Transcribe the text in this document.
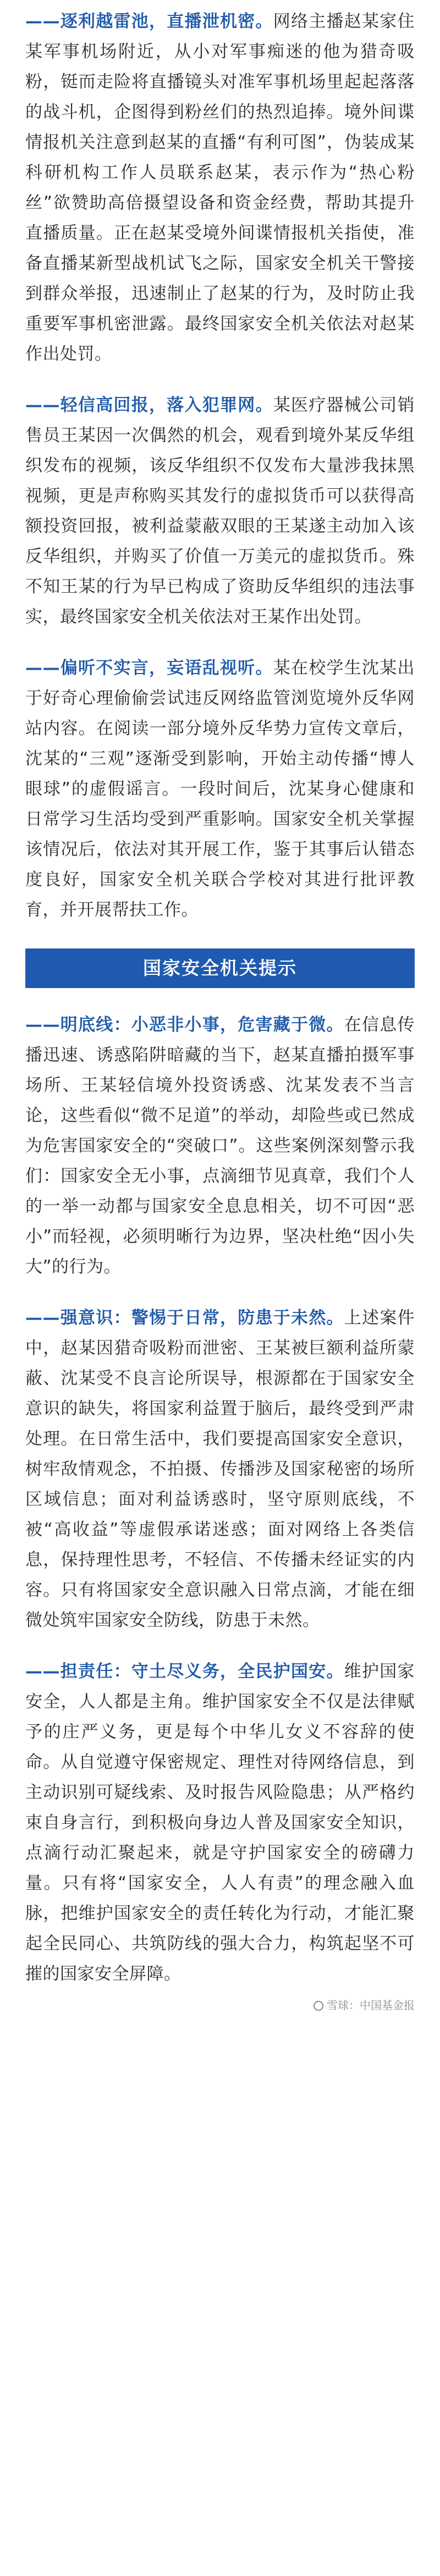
——逐利越雷池，直播泄机密。网络主播赵某家住某军事机场附近，从小对军事痴迷的他为猎奇吸粉，铤而走险将直播镜头对准军事机场里起起落落的战斗机，企图得到粉丝们的热烈追捧。境外间谍情报机关注意到赵某的直播“有利可图”，伪装成某科研机构工作人员联系赵某，表示作为“热心粉丝”欲赞助高倍摄望设备和资金经费，帮助其提升直播质量。正在赵某受境外间谍情报机关指使，准备直播某新型战机试飞之际，国家安全机关干警接到群众举报，迅速制止了赵某的行为，及时防止我重要军事机密泄露。最终国家安全机关依法对赵某作出处罚。

——轻信高回报，落入犯罪网。某医疗器械公司销售员王某因一次偶然的机会，观看到境外某反华组织发布的视频，该反华组织不仅发布大量涉我抹黑视频，更是声称购买其发行的虚拟货币可以获得高额投资回报，被利益蒙蔽双眼的王某遂主动加入该反华组织，并购买了价值一万美元的虚拟货币。殊不知王某的行为早已构成了资助反华组织的违法事实，最终国家安全机关依法对王某作出处罚。

——偏听不实言，妄语乱视听。某在校学生沈某出于好奇心理偷偷尝试违反网络监管浏览境外反华网站内容。在阅读一部分境外反华势力宣传文章后，沈某的“三观”逐渐受到影响，开始主动传播“博人眼球”的虚假谣言。一段时间后，沈某身心健康和日常学习生活均受到严重影响。国家安全机关掌握该情况后，依法对其开展工作，鉴于其事后认错态度良好，国家安全机关联合学校对其进行批评教育，并开展帮扶工作。

国家安全机关提示

——明底线：小恶非小事，危害藏于微。在信息传播迅速、诱惑陷阱暗藏的当下，赵某直播拍摄军事场所、王某轻信境外投资诱惑、沈某发表不当言论，这些看似“微不足道”的举动，却险些或已然成为危害国家安全的“突破口”。这些案例深刻警示我们：国家安全无小事，点滴细节见真章，我们个人的一举一动都与国家安全息息相关，切不可因“恶小”而轻视，必须明晰行为边界，坚决杜绝“因小失大”的行为。

——强意识：警惕于日常，防患于未然。上述案件中，赵某因猎奇吸粉而泄密、王某被巨额利益所蒙蔽、沈某受不良言论所误导，根源都在于国家安全意识的缺失，将国家利益置于脑后，最终受到严肃处理。在日常生活中，我们要提高国家安全意识，树牢敌情观念，不拍摄、传播涉及国家秘密的场所区域信息；面对利益诱惑时，坚守原则底线，不被“高收益”等虚假承诺迷惑；面对网络上各类信息，保持理性思考，不轻信、不传播未经证实的内容。只有将国家安全意识融入日常点滴，才能在细微处筑牢国家安全防线，防患于未然。

——担责任：守土尽义务，全民护国安。维护国家安全，人人都是主角。维护国家安全不仅是法律赋予的庄严义务，更是每个中华儿女义不容辞的使命。从自觉遵守保密规定、理性对待网络信息，到主动识别可疑线索、及时报告风险隐患；从严格约束自身言行，到积极向身边人普及国家安全知识，点滴行动汇聚起来，就是守护国家安全的磅礴力量。只有将“国家安全，人人有责”的理念融入血脉，把维护国家安全的责任转化为行动，才能汇聚起全民同心、共筑防线的强大合力，构筑起坚不可摧的国家安全屏障。

雪球：中国基金报
